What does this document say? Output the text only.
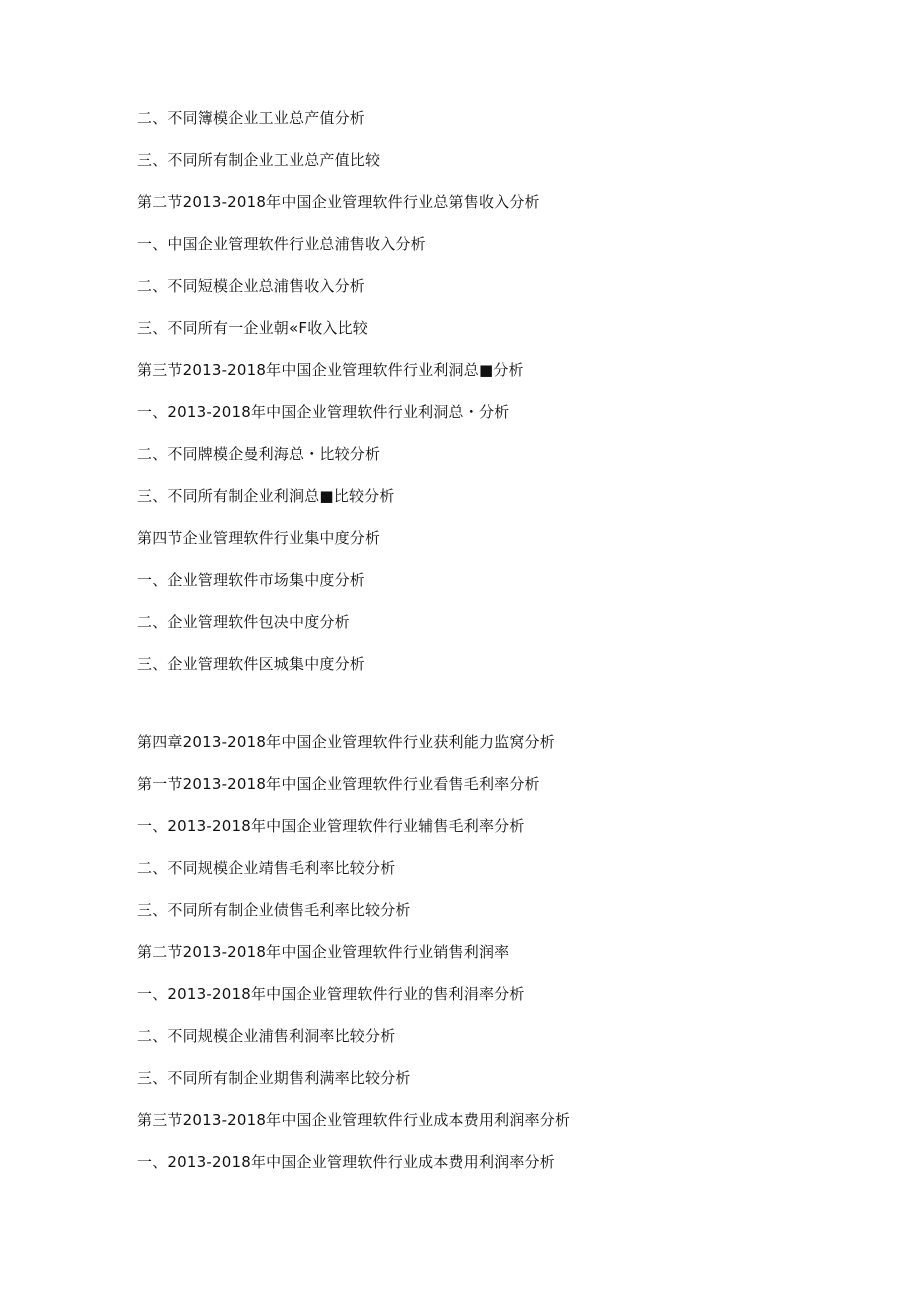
二、不同簿模企业工业总产值分析
三、不同所有制企业工业总产值比较
第二节2013-2018年中国企业管理软件行业总第售收入分析
一、中国企业管理软件行业总浦售收入分析
二、不同短模企业总浦售收入分析
三、不同所有一企业朝«F收入比较
第三节2013-2018年中国企业管理软件行业利洞总■分析
一、2013-2018年中国企业管理软件行业利洞总・分析
二、不同牌模企曼利海总・比较分析
三、不同所有制企业利涧总■比较分析
第四节企业管理软件行业集中度分析
一、企业管理软件市场集中度分析
二、企业管理软件包决中度分析
三、企业管理软件区城集中度分析
第四章2013-2018年中国企业管理软件行业获利能力监窝分析
第一节2013-2018年中国企业管理软件行业看售毛利率分析
一、2013-2018年中国企业管理软件行业辅售毛利率分析
二、不同规模企业靖售毛利率比较分析
三、不同所有制企业债售毛利率比较分析
第二节2013-2018年中国企业管理软件行业销售利润率
一、2013-2018年中国企业管理软件行业的售利涓率分析
二、不同规模企业浦售利洞率比较分析
三、不同所有制企业期售利满率比较分析
第三节2013-2018年中国企业管理软件行业成本费用利润率分析
一、2013-2018年中国企业管理软件行业成本费用利润率分析
